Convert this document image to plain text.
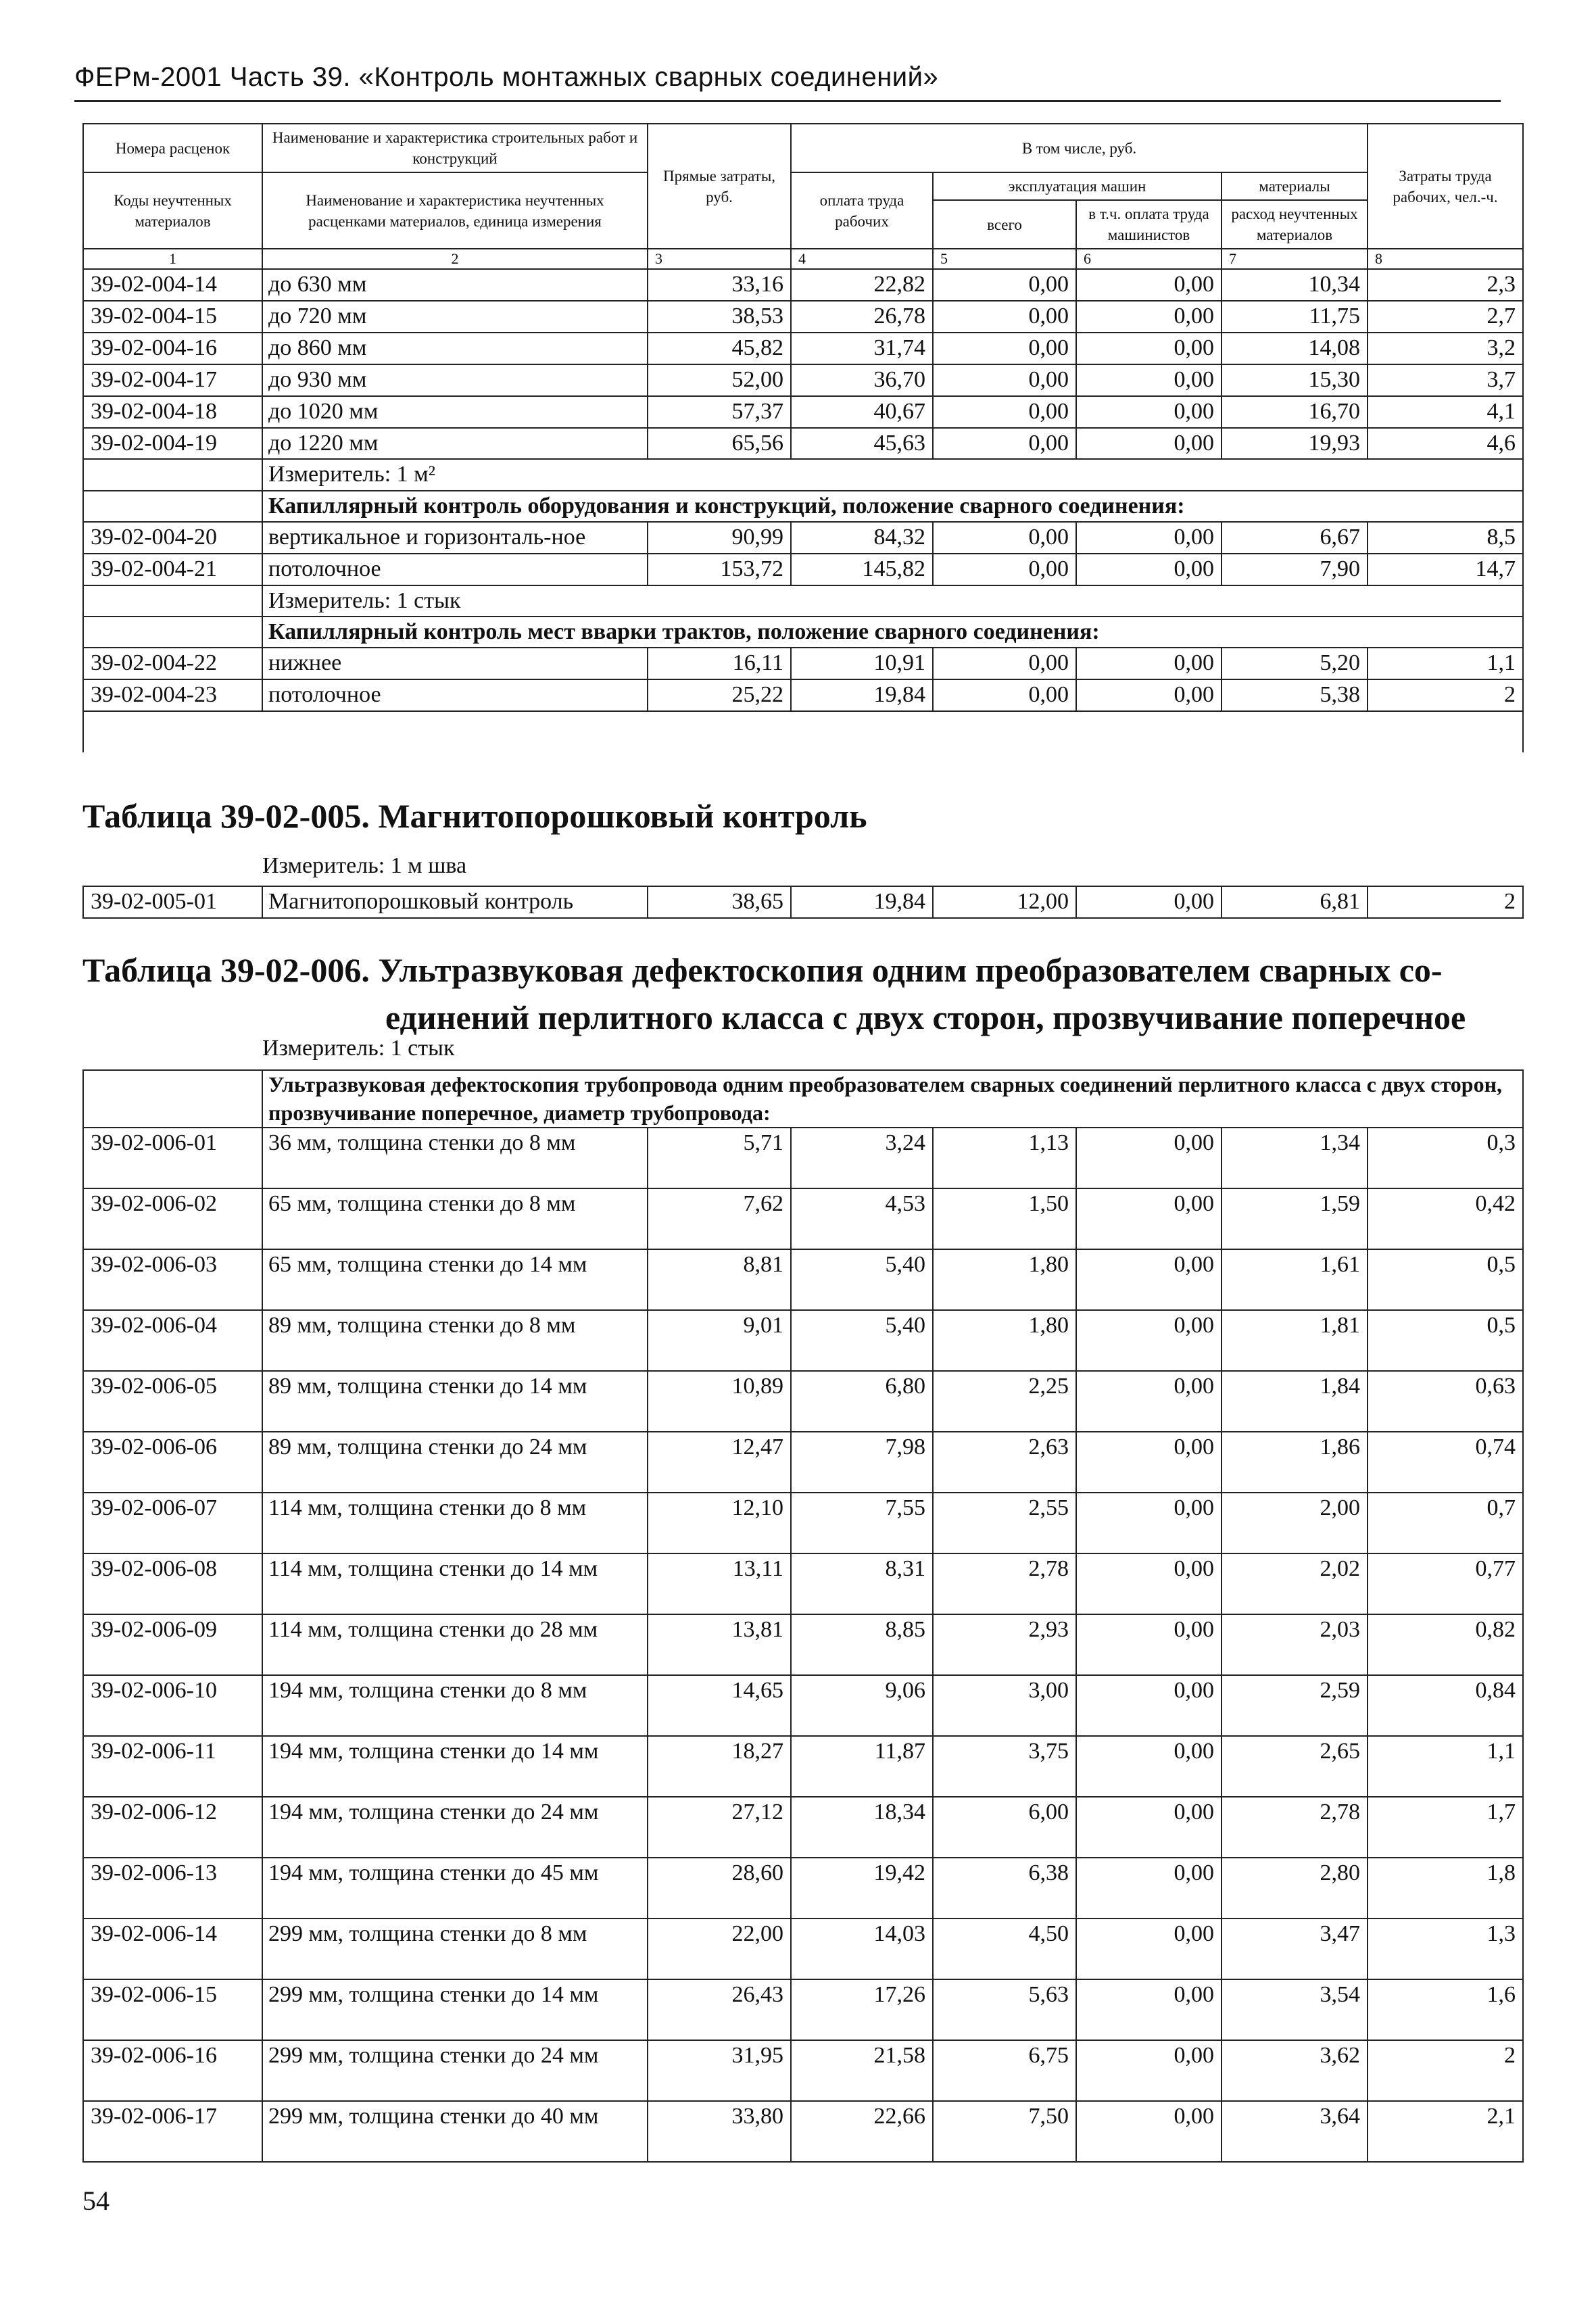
ФЕРм-2001 Часть 39. «Контроль монтажных сварных соединений»
Номера расценок	Наименование и характеристика строительных работ и конструкций	Прямые затраты, руб.	В том числе, руб.				Затраты труда рабочих, чел.-ч.
Коды неучтенных материалов	Наименование и характеристика неучтенных расценками материалов, единица измерения		оплата труда рабочих	эксплуатация машин		материалы	
				всего	в т.ч. оплата труда машинистов	расход неучтенных материалов	
1	2	3	4	5	6	7	8
39-02-004-14	до 630 мм	33,16	22,82	0,00	0,00	10,34	2,3
39-02-004-15	до 720 мм	38,53	26,78	0,00	0,00	11,75	2,7
39-02-004-16	до 860 мм	45,82	31,74	0,00	0,00	14,08	3,2
39-02-004-17	до 930 мм	52,00	36,70	0,00	0,00	15,30	3,7
39-02-004-18	до 1020 мм	57,37	40,67	0,00	0,00	16,70	4,1
39-02-004-19	до 1220 мм	65,56	45,63	0,00	0,00	19,93	4,6
	Измеритель: 1 м²						
	Капиллярный контроль оборудования и конструкций, положение сварного соединения:						
39-02-004-20	вертикальное и горизонталь-ное	90,99	84,32	0,00	0,00	6,67	8,5
39-02-004-21	потолочное	153,72	145,82	0,00	0,00	7,90	14,7
	Измеритель: 1 стык						
	Капиллярный контроль мест вварки трактов, положение сварного соединения:						
39-02-004-22	нижнее	16,11	10,91	0,00	0,00	5,20	1,1
39-02-004-23	потолочное	25,22	19,84	0,00	0,00	5,38	2

Таблица 39-02-005. Магнитопорошковый контроль
Измеритель: 1 м шва
39-02-005-01	Магнитопорошковый контроль	38,65	19,84	12,00	0,00	6,81	2
Таблица 39-02-006. Ультразвуковая дефектоскопия одним преобразователем сварных со-
единений перлитного класса с двух сторон, прозвучивание поперечное
Измеритель: 1 стык
	Ультразвуковая дефектоскопия трубопровода одним преобразователем сварных соединений перлитного класса с двух сторон, прозвучивание поперечное, диаметр трубопровода:						
39-02-006-01	36 мм, толщина стенки до 8 мм	5,71	3,24	1,13	0,00	1,34	0,3
39-02-006-02	65 мм, толщина стенки до 8 мм	7,62	4,53	1,50	0,00	1,59	0,42
39-02-006-03	65 мм, толщина стенки до 14 мм	8,81	5,40	1,80	0,00	1,61	0,5
39-02-006-04	89 мм, толщина стенки до 8 мм	9,01	5,40	1,80	0,00	1,81	0,5
39-02-006-05	89 мм, толщина стенки до 14 мм	10,89	6,80	2,25	0,00	1,84	0,63
39-02-006-06	89 мм, толщина стенки до 24 мм	12,47	7,98	2,63	0,00	1,86	0,74
39-02-006-07	114 мм, толщина стенки до 8 мм	12,10	7,55	2,55	0,00	2,00	0,7
39-02-006-08	114 мм, толщина стенки до 14 мм	13,11	8,31	2,78	0,00	2,02	0,77
39-02-006-09	114 мм, толщина стенки до 28 мм	13,81	8,85	2,93	0,00	2,03	0,82
39-02-006-10	194 мм, толщина стенки до 8 мм	14,65	9,06	3,00	0,00	2,59	0,84
39-02-006-11	194 мм, толщина стенки до 14 мм	18,27	11,87	3,75	0,00	2,65	1,1
39-02-006-12	194 мм, толщина стенки до 24 мм	27,12	18,34	6,00	0,00	2,78	1,7
39-02-006-13	194 мм, толщина стенки до 45 мм	28,60	19,42	6,38	0,00	2,80	1,8
39-02-006-14	299 мм, толщина стенки до 8 мм	22,00	14,03	4,50	0,00	3,47	1,3
39-02-006-15	299 мм, толщина стенки до 14 мм	26,43	17,26	5,63	0,00	3,54	1,6
39-02-006-16	299 мм, толщина стенки до 24 мм	31,95	21,58	6,75	0,00	3,62	2
39-02-006-17	299 мм, толщина стенки до 40 мм	33,80	22,66	7,50	0,00	3,64	2,1
54
